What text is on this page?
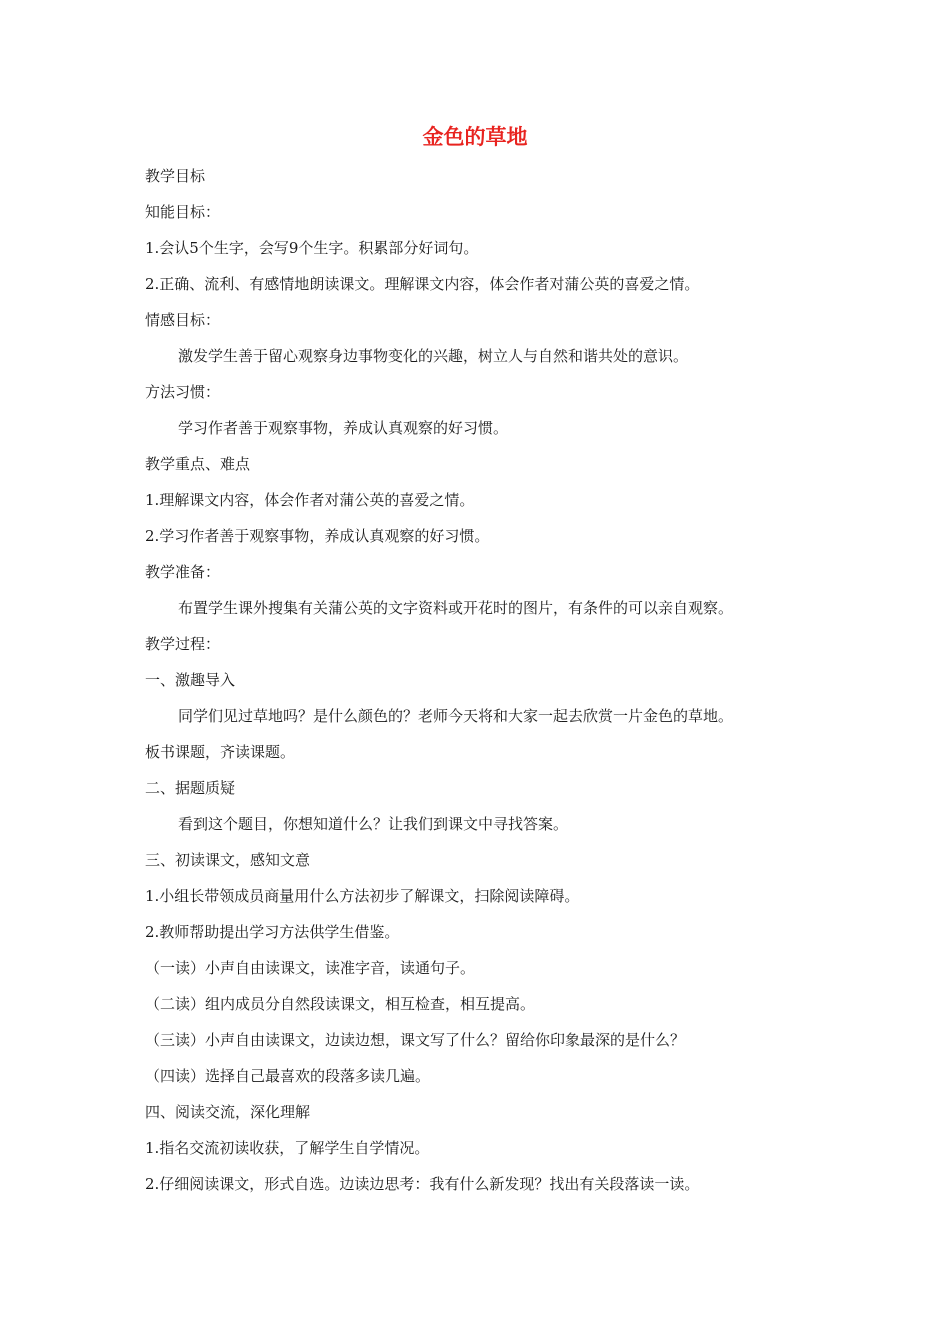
金色的草地
教学目标
知能目标：
1.会认5个生字，会写9个生字。积累部分好词句。
2.正确、流利、有感情地朗读课文。理解课文内容，体会作者对蒲公英的喜爱之情。
情感目标：
激发学生善于留心观察身边事物变化的兴趣，树立人与自然和谐共处的意识。
方法习惯：
学习作者善于观察事物，养成认真观察的好习惯。
教学重点、难点
1.理解课文内容，体会作者对蒲公英的喜爱之情。
2.学习作者善于观察事物，养成认真观察的好习惯。
教学准备：
布置学生课外搜集有关蒲公英的文字资料或开花时的图片，有条件的可以亲自观察。
教学过程：
一、激趣导入
同学们见过草地吗？是什么颜色的？老师今天将和大家一起去欣赏一片金色的草地。
板书课题，齐读课题。
二、据题质疑
看到这个题目，你想知道什么？让我们到课文中寻找答案。
三、初读课文，感知文意
1.小组长带领成员商量用什么方法初步了解课文，扫除阅读障碍。
2.教师帮助提出学习方法供学生借鉴。
（一读）小声自由读课文，读准字音，读通句子。
（二读）组内成员分自然段读课文，相互检查，相互提高。
（三读）小声自由读课文，边读边想，课文写了什么？留给你印象最深的是什么？
（四读）选择自己最喜欢的段落多读几遍。
四、阅读交流，深化理解
1.指名交流初读收获，了解学生自学情况。
2.仔细阅读课文，形式自选。边读边思考：我有什么新发现？找出有关段落读一读。
